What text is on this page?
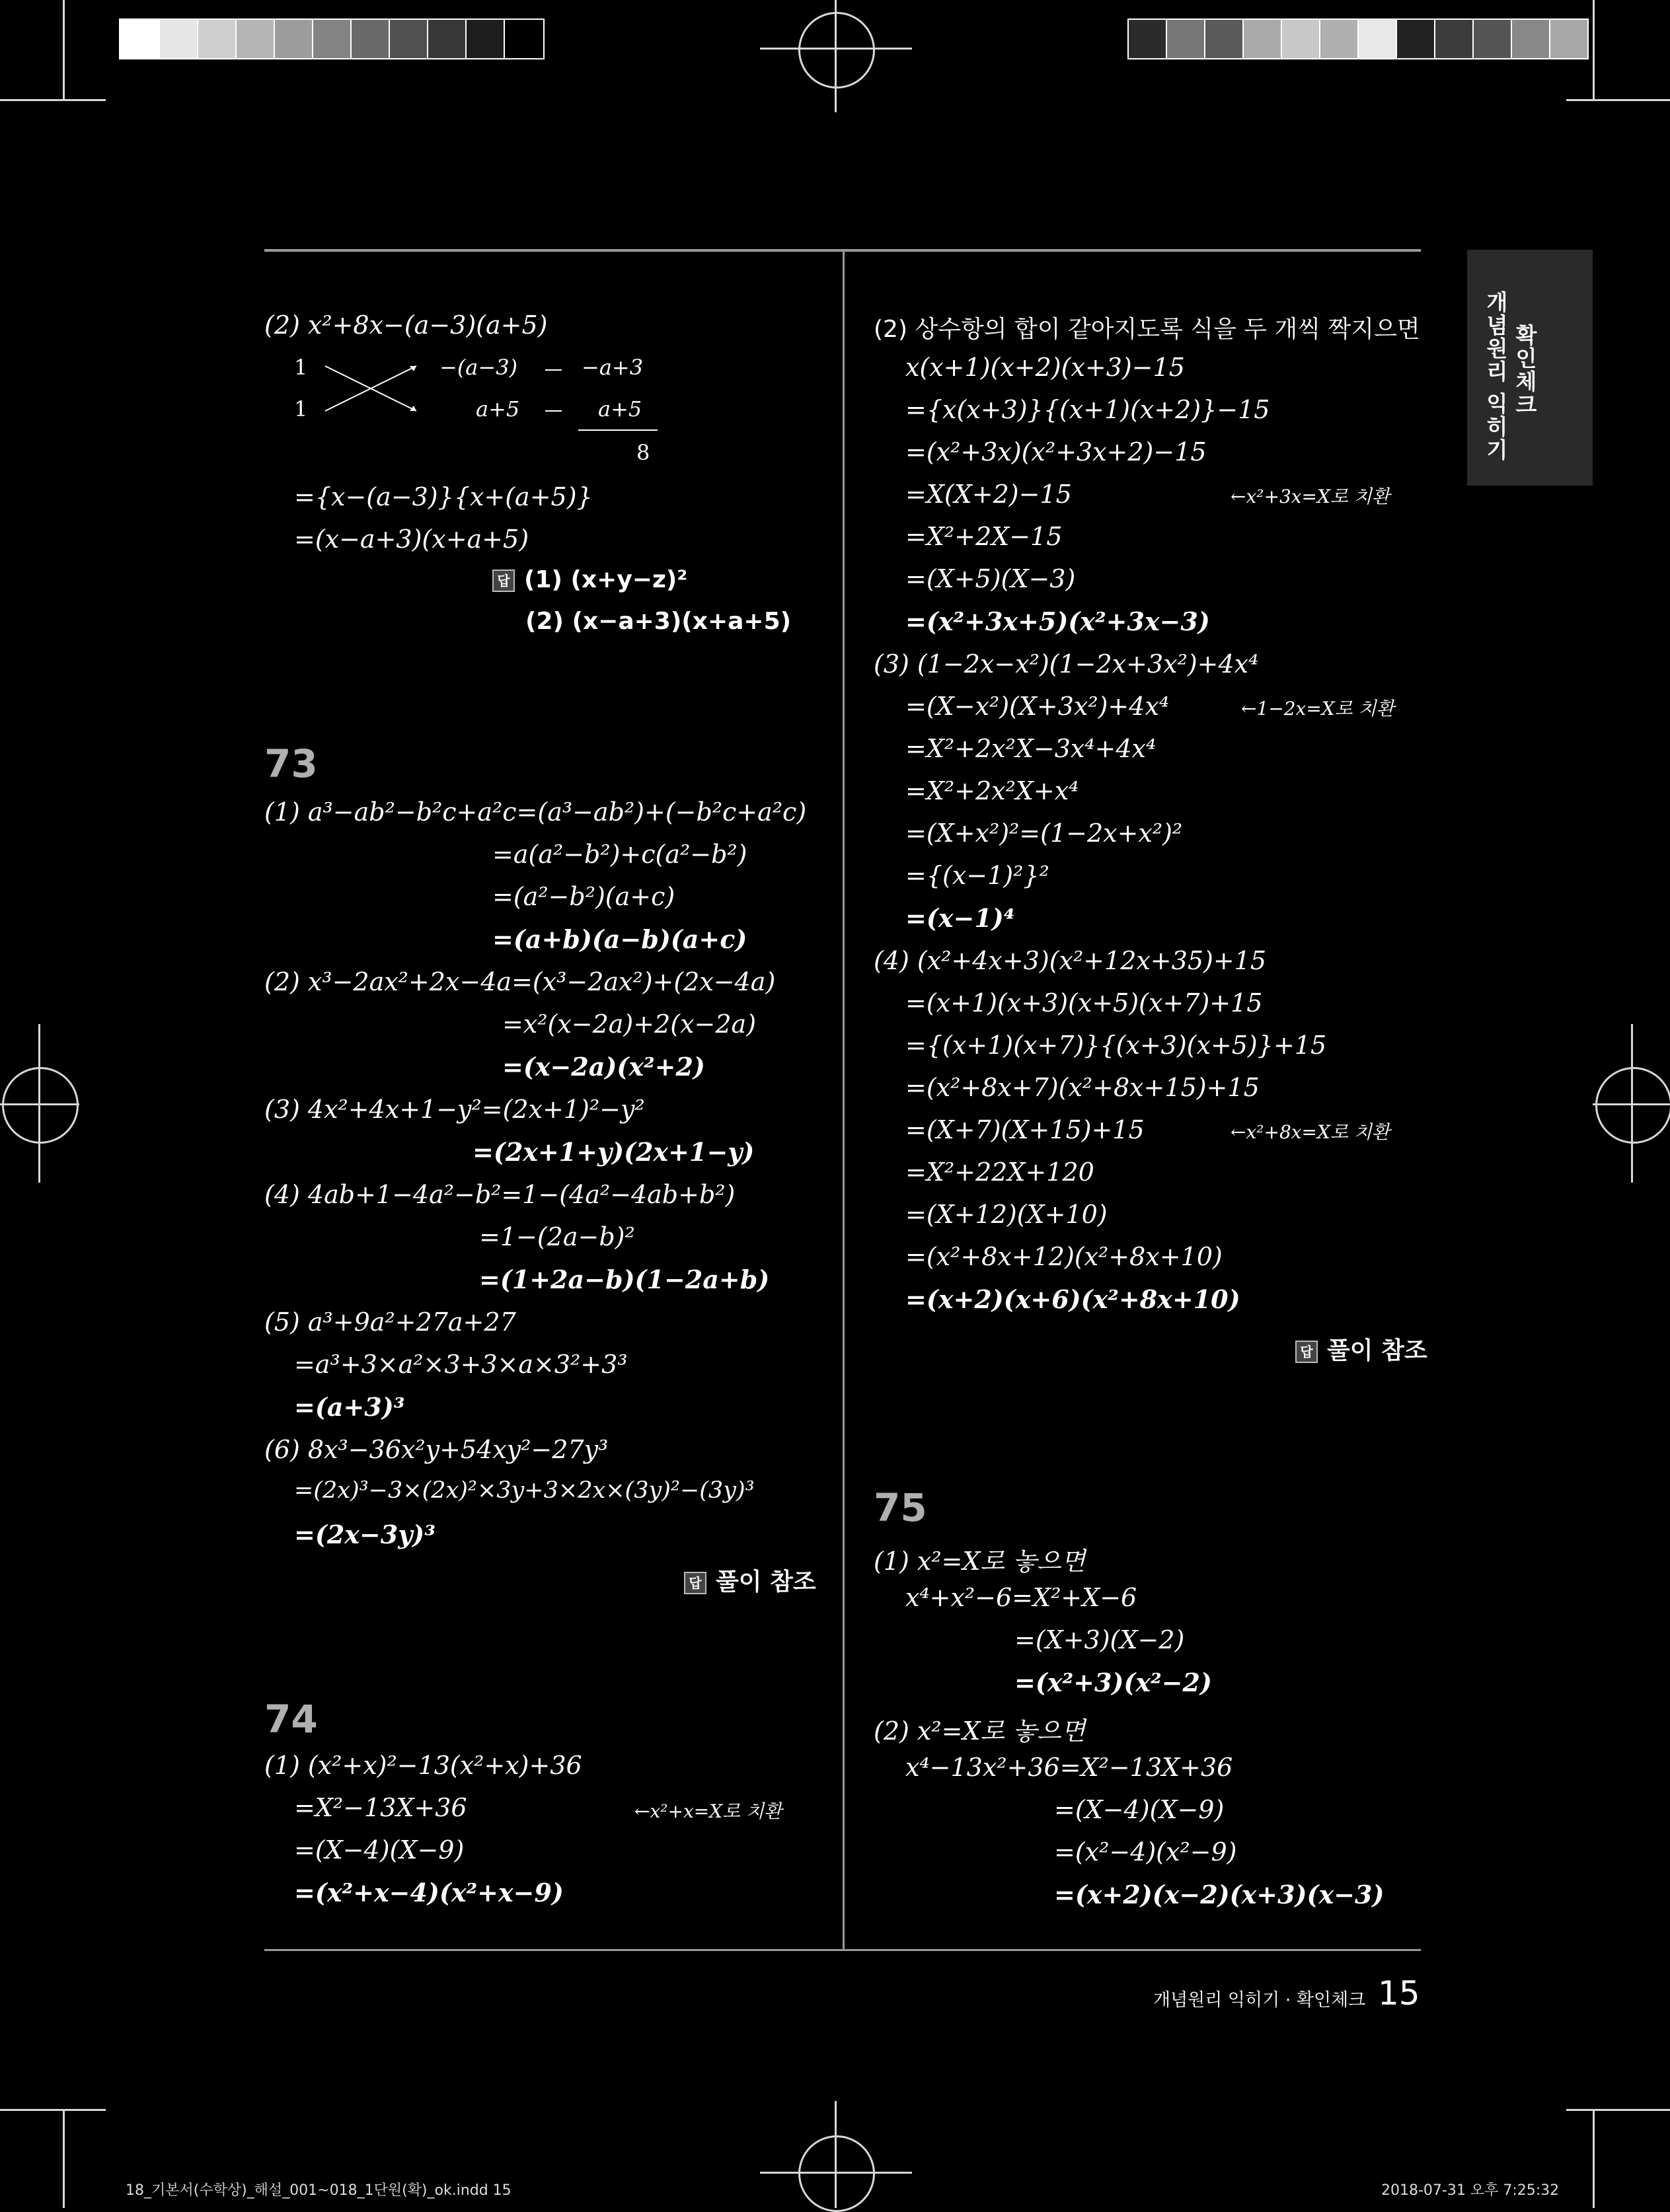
확인체크
개념원리 익히기
(2) x²+8x−(a−3)(a+5)
1	−(a−3)	−a+3
1	a+5	a+5
8
={x−(a−3)}{x+(a+5)}
=(x−a+3)(x+a+5)
답 (1) (x+y−z)²
(2) (x−a+3)(x+a+5)
73
(1) a³−ab²−b²c+a²c=(a³−ab²)+(−b²c+a²c)
=a(a²−b²)+c(a²−b²)
=(a²−b²)(a+c)
=(a+b)(a−b)(a+c)
(2) x³−2ax²+2x−4a=(x³−2ax²)+(2x−4a)
=x²(x−2a)+2(x−2a)
=(x−2a)(x²+2)
(3) 4x²+4x+1−y²=(2x+1)²−y²
=(2x+1+y)(2x+1−y)
(4) 4ab+1−4a²−b²=1−(4a²−4ab+b²)
=1−(2a−b)²
=(1+2a−b)(1−2a+b)
(5) a³+9a²+27a+27
=a³+3×a²×3+3×a×3²+3³
=(a+3)³
(6) 8x³−36x²y+54xy²−27y³
=(2x)³−3×(2x)²×3y+3×2x×(3y)²−(3y)³
=(2x−3y)³
답 풀이 참조
74
(1) (x²+x)²−13(x²+x)+36
=X²−13X+36	←x²+x=X로 치환
=(X−4)(X−9)
=(x²+x−4)(x²+x−9)
(2) 상수항의 합이 같아지도록 식을 두 개씩 짝지으면
x(x+1)(x+2)(x+3)−15
={x(x+3)}{(x+1)(x+2)}−15
=(x²+3x)(x²+3x+2)−15
=X(X+2)−15	←x²+3x=X로 치환
=X²+2X−15
=(X+5)(X−3)
=(x²+3x+5)(x²+3x−3)
(3) (1−2x−x²)(1−2x+3x²)+4x⁴
=(X−x²)(X+3x²)+4x⁴	←1−2x=X로 치환
=X²+2x²X−3x⁴+4x⁴
=X²+2x²X+x⁴
=(X+x²)²=(1−2x+x²)²
={(x−1)²}²
=(x−1)⁴
(4) (x²+4x+3)(x²+12x+35)+15
=(x+1)(x+3)(x+5)(x+7)+15
={(x+1)(x+7)}{(x+3)(x+5)}+15
=(x²+8x+7)(x²+8x+15)+15
=(X+7)(X+15)+15	←x²+8x=X로 치환
=X²+22X+120
=(X+12)(X+10)
=(x²+8x+12)(x²+8x+10)
=(x+2)(x+6)(x²+8x+10)
답 풀이 참조
75
(1) x²=X로 놓으면
x⁴+x²−6=X²+X−6
=(X+3)(X−2)
=(x²+3)(x²−2)
(2) x²=X로 놓으면
x⁴−13x²+36=X²−13X+36
=(X−4)(X−9)
=(x²−4)(x²−9)
=(x+2)(x−2)(x+3)(x−3)
개념원리 익히기 · 확인체크 15
18_기본서(수학상)_해설_001~018_1단원(확)_ok.indd 15	2018-07-31 오후 7:25:32
